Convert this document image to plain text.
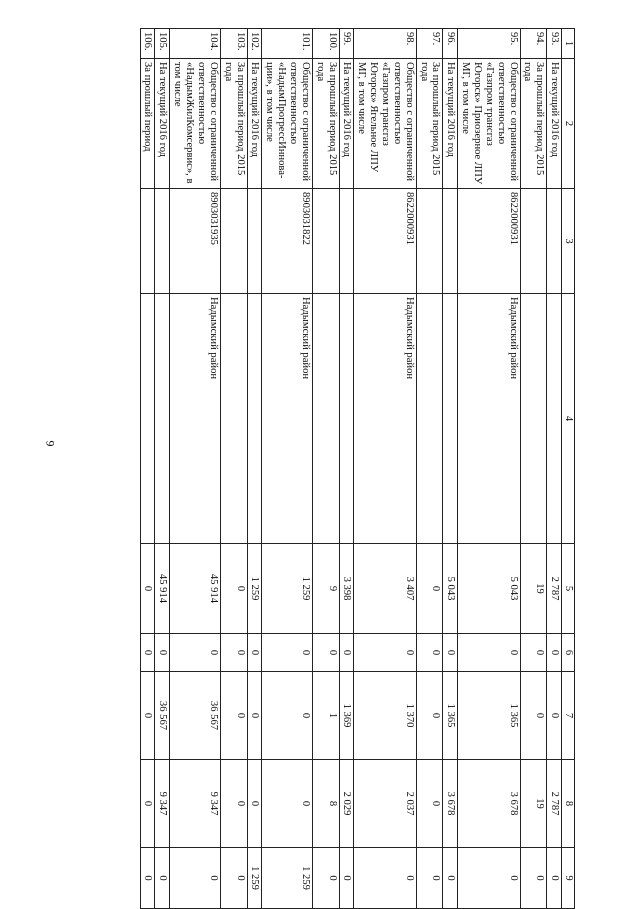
9
1	2	3	4	5	6	7	8	9
93.	На текущий 2016 год			2 787	0	0	2 787	0
94.	За прошлый период 2015 года			19	0	0	19	0
95.	Общество с ограниченной ответственностью «Газпром трансгаз Югорск» Приозерное ЛПУ МГ, в том числе	8622000931	Надымский район	5 043	0	1 365	3 678	0
96.	На текущий 2016 год			5 043	0	1 365	3 678	0
97.	За прошлый период 2015 года			0	0	0	0	0
98.	Общество с ограниченной ответственностью «Газпром трансгаз Югорск» Ягельное ЛПУ МГ, в том числе	8622000931	Надымский район	3 407	0	1 370	2 037	0
99.	На текущий 2016 год			3 398	0	1 369	2 029	0
100.	За прошлый период 2015 года			9	0	1	8	0
101.	Общество с ограниченной ответственностью «НадымПрогрессИннова-ции», в том числе	8903031822	Надымский район	1 259	0	0	0	1 259
102.	На текущий 2016 год			1 259	0	0	0	1 259
103.	За прошлый период 2015 года			0	0	0	0	0
104.	Общество с ограниченной ответственностью «НадымЖилКомсервис», в том числе	8903031935	Надымский район	45 914	0	36 567	9 347	0
105.	На текущий 2016 год			45 914	0	36 567	9 347	0
106.	За прошлый период			0	0	0	0	0
